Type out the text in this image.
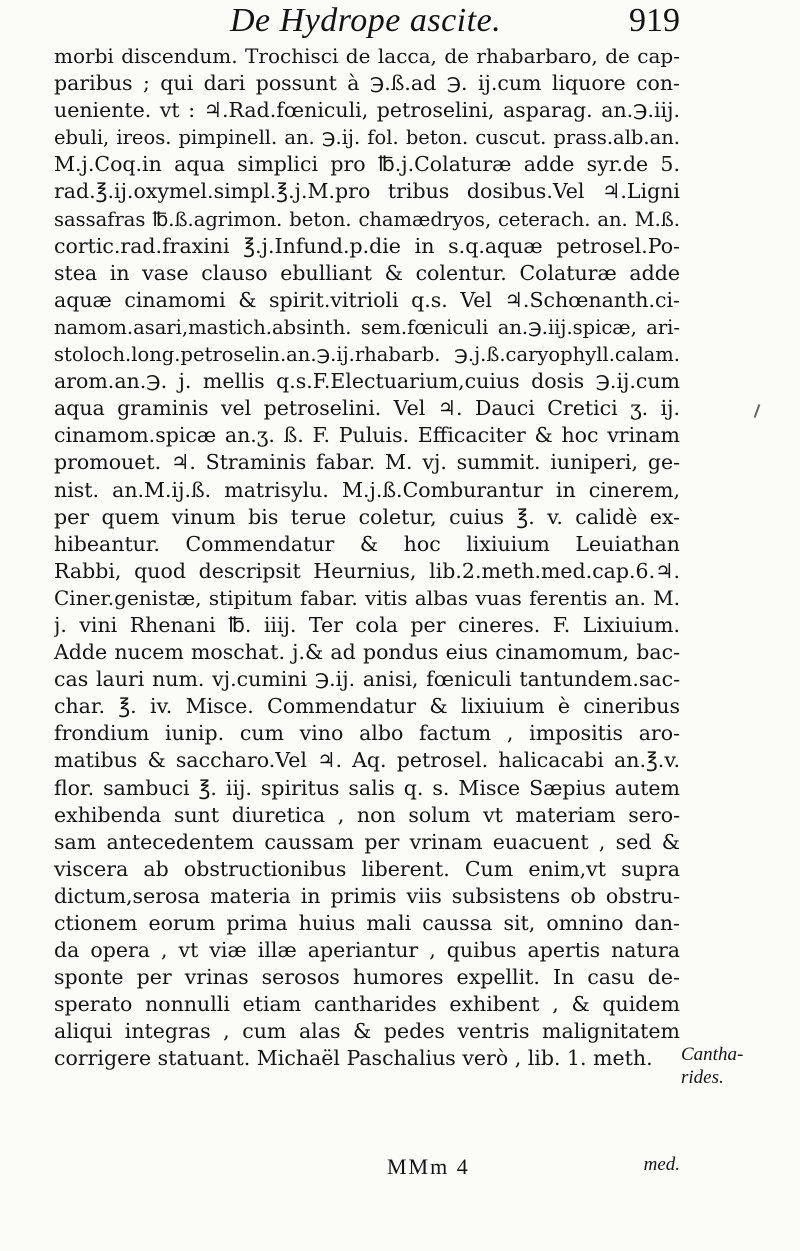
De Hydrope ascite.	919
morbi discendum. Trochisci de lacca, de rhabarbaro, de cap-
paribus ; qui dari possunt à ℈.ß.ad ℈. ij.cum liquore con-
ueniente. vt : ♃.Rad.fœniculi, petroselini, asparag. an.℈.iij.
ebuli, ireos. pimpinell. an. ℈.ij. fol. beton. cuscut. prass.alb.an.
M.j.Coq.in aqua simplici pro ℔.j.Colaturæ adde syr.de 5.
rad.℥.ij.oxymel.simpl.℥.j.M.pro tribus dosibus.Vel ♃.Ligni
sassafras ℔.ß.agrimon. beton. chamædryos, ceterach. an. M.ß.
cortic.rad.fraxini ℥.j.Infund.p.die in s.q.aquæ petrosel.Po-
stea in vase clauso ebulliant & colentur. Colaturæ adde
aquæ cinamomi & spirit.vitrioli q.s. Vel ♃.Schœnanth.ci-
namom.asari,mastich.absinth. sem.fœniculi an.℈.iij.spicæ, ari-
stoloch.long.petroselin.an.℈.ij.rhabarb. ℈.j.ß.caryophyll.calam.
arom.an.℈. j. mellis q.s.F.Electuarium,cuius dosis ℈.ij.cum
aqua graminis vel petroselini. Vel ♃. Dauci Cretici ʒ. ij.
cinamom.spicæ an.ʒ. ß. F. Puluis. Efficaciter & hoc vrinam
promouet. ♃. Straminis fabar. M. vj. summit. iuniperi, ge-
nist. an.M.ij.ß. matrisylu. M.j.ß.Comburantur in cinerem,
per quem vinum bis terue coletur, cuius ℥. v. calidè ex-
hibeantur. Commendatur & hoc lixiuium Leuiathan
Rabbi, quod descripsit Heurnius, lib.2.meth.med.cap.6.♃.
Ciner.genistæ, stipitum fabar. vitis albas vuas ferentis an. M.
j. vini Rhenani ℔. iiij. Ter cola per cineres. F. Lixiuium.
Adde nucem moschat. j.& ad pondus eius cinamomum, bac-
cas lauri num. vj.cumini ℈.ij. anisi, fœniculi tantundem.sac-
char. ℥. iv. Misce. Commendatur & lixiuium è cineribus
frondium iunip. cum vino albo factum , impositis aro-
matibus & saccharo.Vel ♃. Aq. petrosel. halicacabi an.℥.v.
flor. sambuci ℥. iij. spiritus salis q. s. Misce Sæpius autem
exhibenda sunt diuretica , non solum vt materiam sero-
sam antecedentem caussam per vrinam euacuent , sed &
viscera ab obstructionibus liberent. Cum enim,vt supra
dictum,serosa materia in primis viis subsistens ob obstru-
ctionem eorum prima huius mali caussa sit, omnino dan-
da opera , vt viæ illæ aperiantur , quibus apertis natura
sponte per vrinas serosos humores expellit. In casu de-
sperato nonnulli etiam cantharides exhibent , & quidem
aliqui integras , cum alas & pedes ventris malignitatem
corrigere statuant. Michaël Paschalius verò , lib. 1. meth.	Cantha-
rides.
MMm 4	med.
